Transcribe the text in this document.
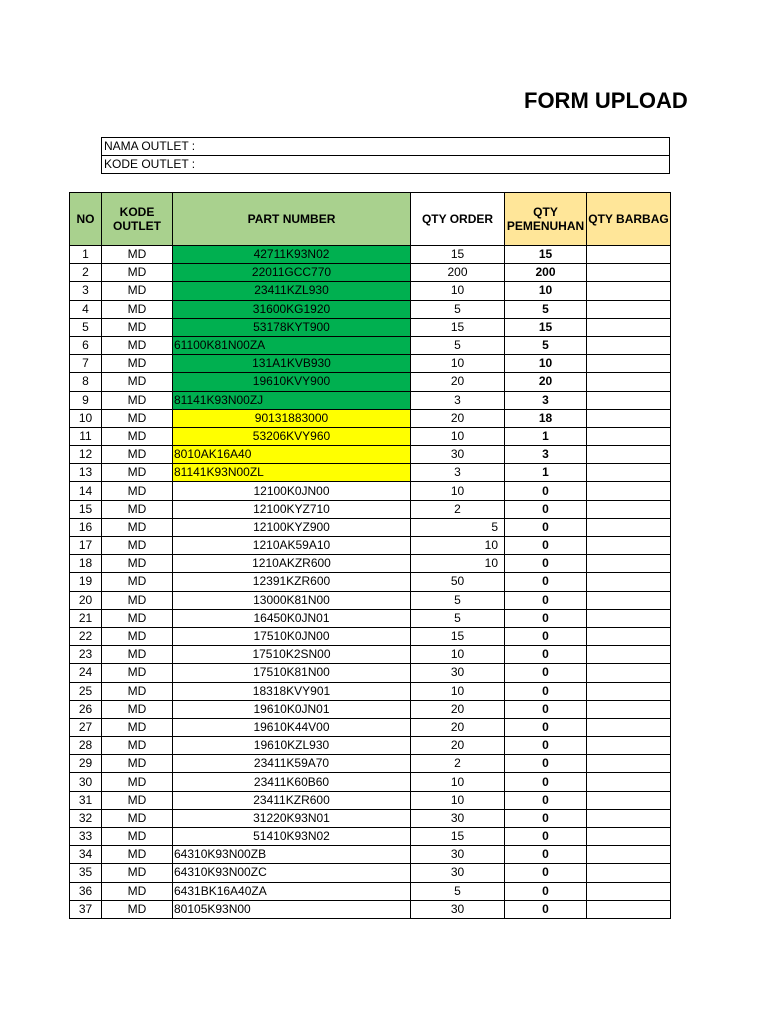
FORM UPLOAD
NAMA OUTLET :
KODE OUTLET :
NO	KODE OUTLET	PART NUMBER	QTY ORDER	QTY PEMENUHAN	QTY BARBAG
1	MD	42711K93N02	15	15	
2	MD	22011GCC770	200	200	
3	MD	23411KZL930	10	10	
4	MD	31600KG1920	5	5	
5	MD	53178KYT900	15	15	
6	MD	61100K81N00ZA	5	5	
7	MD	131A1KVB930	10	10	
8	MD	19610KVY900	20	20	
9	MD	81141K93N00ZJ	3	3	
10	MD	90131883000	20	18	
11	MD	53206KVY960	10	1	
12	MD	8010AK16A40	30	3	
13	MD	81141K93N00ZL	3	1	
14	MD	12100K0JN00	10	0	
15	MD	12100KYZ710	2	0	
16	MD	12100KYZ900	5	0	
17	MD	1210AK59A10	10	0	
18	MD	1210AKZR600	10	0	
19	MD	12391KZR600	50	0	
20	MD	13000K81N00	5	0	
21	MD	16450K0JN01	5	0	
22	MD	17510K0JN00	15	0	
23	MD	17510K2SN00	10	0	
24	MD	17510K81N00	30	0	
25	MD	18318KVY901	10	0	
26	MD	19610K0JN01	20	0	
27	MD	19610K44V00	20	0	
28	MD	19610KZL930	20	0	
29	MD	23411K59A70	2	0	
30	MD	23411K60B60	10	0	
31	MD	23411KZR600	10	0	
32	MD	31220K93N01	30	0	
33	MD	51410K93N02	15	0	
34	MD	64310K93N00ZB	30	0	
35	MD	64310K93N00ZC	30	0	
36	MD	6431BK16A40ZA	5	0	
37	MD	80105K93N00	30	0	
